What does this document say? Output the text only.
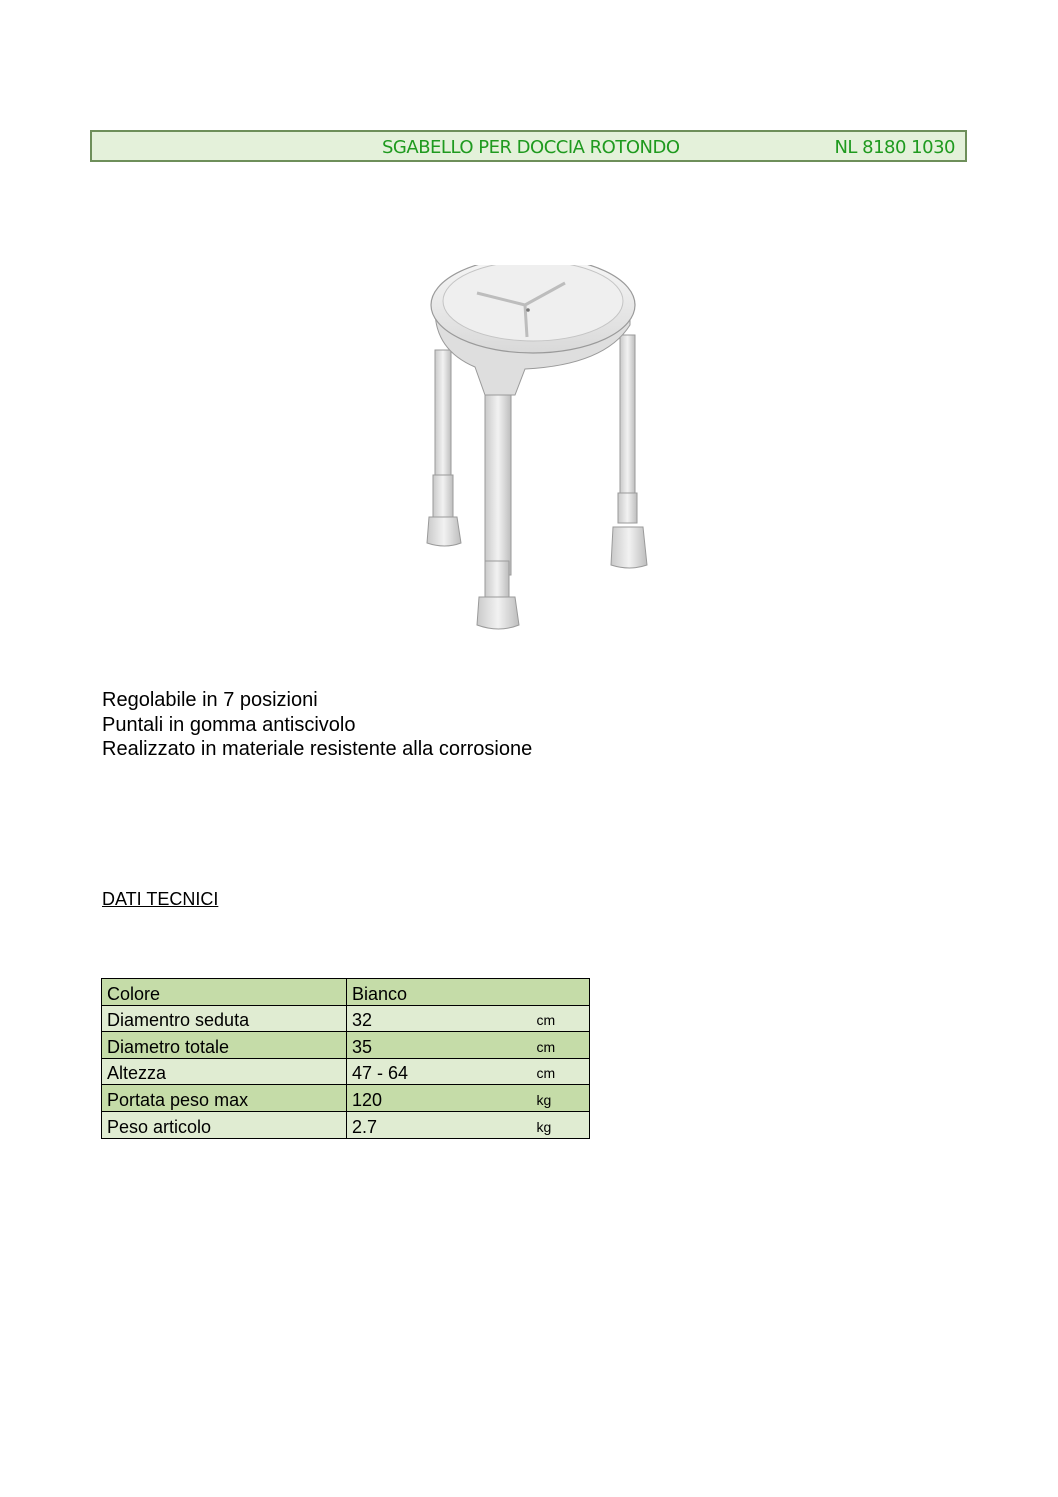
SGABELLO PER DOCCIA ROTONDO	NL 8180 1030
Regolabile in 7 posizioni
Puntali in gomma antiscivolo
Realizzato in materiale resistente alla corrosione
DATI TECNICI
Colore	Bianco	
Diamentro seduta	32	cm
Diametro totale	35	cm
Altezza	47 - 64	cm
Portata peso max	120	kg
Peso articolo	2.7	kg
